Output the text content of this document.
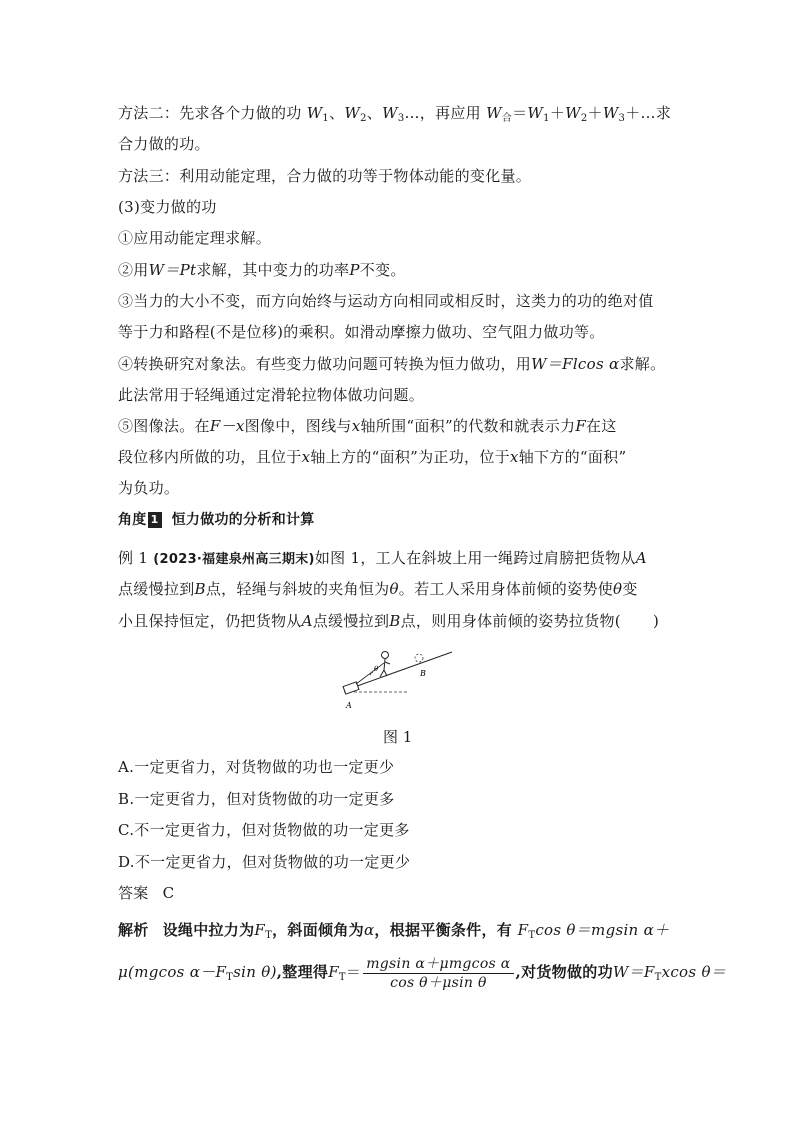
方法二：先求各个力做的功 $W_1$、$W_2$、$W_3\dots$，再应用 $W_合=W_1+W_2+W_3+\dots$求
合力做的功。
方法三：利用动能定理，合力做的功等于物体动能的变化量。
(3)变力做的功
①应用动能定理求解。
②用W＝Pt求解，其中变力的功率P不变。
③当力的大小不变，而方向始终与运动方向相同或相反时，这类力的功的绝对值
等于力和路程(不是位移)的乘积。如滑动摩擦力做功、空气阻力做功等。
④转换研究对象法。有些变力做功问题可转换为恒力做功，用W＝Flcos α求解。
此法常用于轻绳通过定滑轮拉物体做功问题。
⑤图像法。在F－x图像中，图线与x轴所围“面积”的代数和就表示力F在这
段位移内所做的功，且位于x轴上方的“面积”为正功，位于x轴下方的“面积”
为负功。
角度 1 恒力做功的分析和计算
例 1 (2023·福建泉州高三期末)如图 1，工人在斜坡上用一绳跨过肩膀把货物从A
点缓慢拉到B点，轻绳与斜坡的夹角恒为θ。若工人采用身体前倾的姿势使θ变
小且保持恒定，仍把货物从A点缓慢拉到B点，则用身体前倾的姿势拉货物( )
θ	B
A
图 1
A.一定更省力，对货物做的功也一定更少
B.一定更省力，但对货物做的功一定更多
C.不一定更省力，但对货物做的功一定更多
D.不一定更省力，但对货物做的功一定更少
答案 C
解析 设绳中拉力为$F_T$，斜面倾角为α，根据平衡条件，有 $F_T\cos$ θ＝mgsin α＋
μ(mgcos $\alpha-F_T\sin$ θ),整理得$F_T= \frac{\text{mgsin α＋μmgcos α}}{\text{cos θ＋μsin θ}}$ ,对货物做的功$W=F_Txcos$ θ＝
